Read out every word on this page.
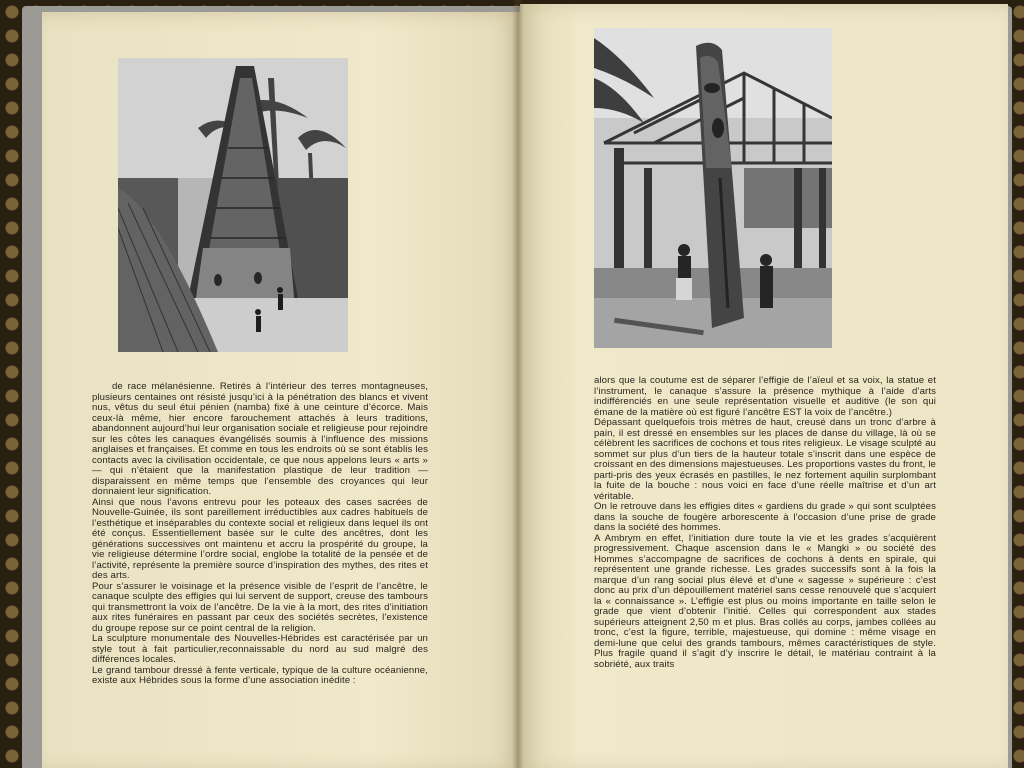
de race mélanésienne. Retirés à l’intérieur des terres montagneuses, plusieurs centaines ont résisté jusqu’ici à la pénétration des blancs et vivent nus, vêtus du seul étui pénien (namba) fixé à une ceinture d’écorce. Mais ceux-là même, hier encore farouchement attachés à leurs traditions, abandonnent aujourd’hui leur organisation sociale et religieuse pour rejoindre sur les côtes les canaques évangélisés soumis à l’influence des missions anglaises et françaises. Et comme en tous les endroits où se sont établis les contacts avec la civilisation occidentale, ce que nous appelons leurs « arts » — qui n’étaient que la manifestation plastique de leur tradition — disparaissent en même temps que l’ensemble des croyances qui leur donnaient leur signification.

Ainsi que nous l’avons entrevu pour les poteaux des cases sacrées de Nouvelle-Guinée, ils sont pareillement irréductibles aux cadres habituels de l’esthétique et inséparables du contexte social et religieux dans lequel ils ont été conçus. Essentiellement basée sur le culte des ancêtres, dont les générations successives ont maintenu et accru la prospérité du groupe, la vie religieuse détermine l’ordre social, englobe la totalité de la pensée et de l’activité, représente la première source d’inspiration des mythes, des rites et des arts.

Pour s’assurer le voisinage et la présence visible de l’esprit de l’ancêtre, le canaque sculpte des effigies qui lui servent de support, creuse des tambours qui transmettront la voix de l’ancêtre. De la vie à la mort, des rites d’initiation aux rites funéraires en passant par ceux des sociétés secrètes, l’existence du groupe repose sur ce point central de la religion.

La sculpture monumentale des Nouvelles-Hébrides est caractérisée par un style tout à fait particulier,reconnaissable du nord au sud malgré des différences locales.

Le grand tambour dressé à fente verticale, typique de la culture océanienne, existe aux Hébrides sous la forme d’une association inédite :

alors que la coutume est de séparer l’effigie de l’aïeul et sa voix, la statue et l’instrument, le canaque s’assure la présence mythique à l’aide d’arts indifférenciés en une seule représentation visuelle et auditive (le son qui émane de la matière où est figuré l’ancêtre EST la voix de l’ancêtre.)

Dépassant quelquefois trois mètres de haut, creusé dans un tronc d’arbre à pain, il est dressé en ensembles sur les places de danse du village, là où se célèbrent les sacrifices de cochons et tous rites religieux. Le visage sculpté au sommet sur plus d’un tiers de la hauteur totale s’inscrit dans une espèce de croissant en des dimensions majestueuses. Les proportions vastes du front, le parti-pris des yeux écrasés en pastilles, le nez fortement aquilin surplombant la fuite de la bouche : nous voici en face d’une réelle maîtrise et d’un art véritable.

On le retrouve dans les effigies dites « gardiens du grade » qui sont sculptées dans la souche de fougère arborescente à l’occasion d’une prise de grade dans la société des hommes.

A Ambrym en effet, l’initiation dure toute la vie et les grades s’acquièrent progressivement. Chaque ascension dans le « Mangki » ou société des Hommes s’accompagne de sacrifices de cochons à dents en spirale, qui représentent une grande richesse. Les grades successifs sont à la fois la marque d’un rang social plus élevé et d’une « sagesse » supérieure : c’est donc au prix d’un dépouillement matériel sans cesse renouvelé que s’acquiert la « connaissance ». L’effigie est plus ou moins importante en taille selon le grade que vient d’obtenir l’initié. Celles qui correspondent aux stades supérieurs atteignent 2,50 m et plus. Bras collés au corps, jambes collées au tronc, c’est la figure, terrible, majestueuse, qui domine : même visage en demi-lune que celui des grands tambours, mêmes caractéristiques de style. Plus fragile quand il s’agit d’y inscrire le détail, le matériau contraint à la sobriété, aux traits
